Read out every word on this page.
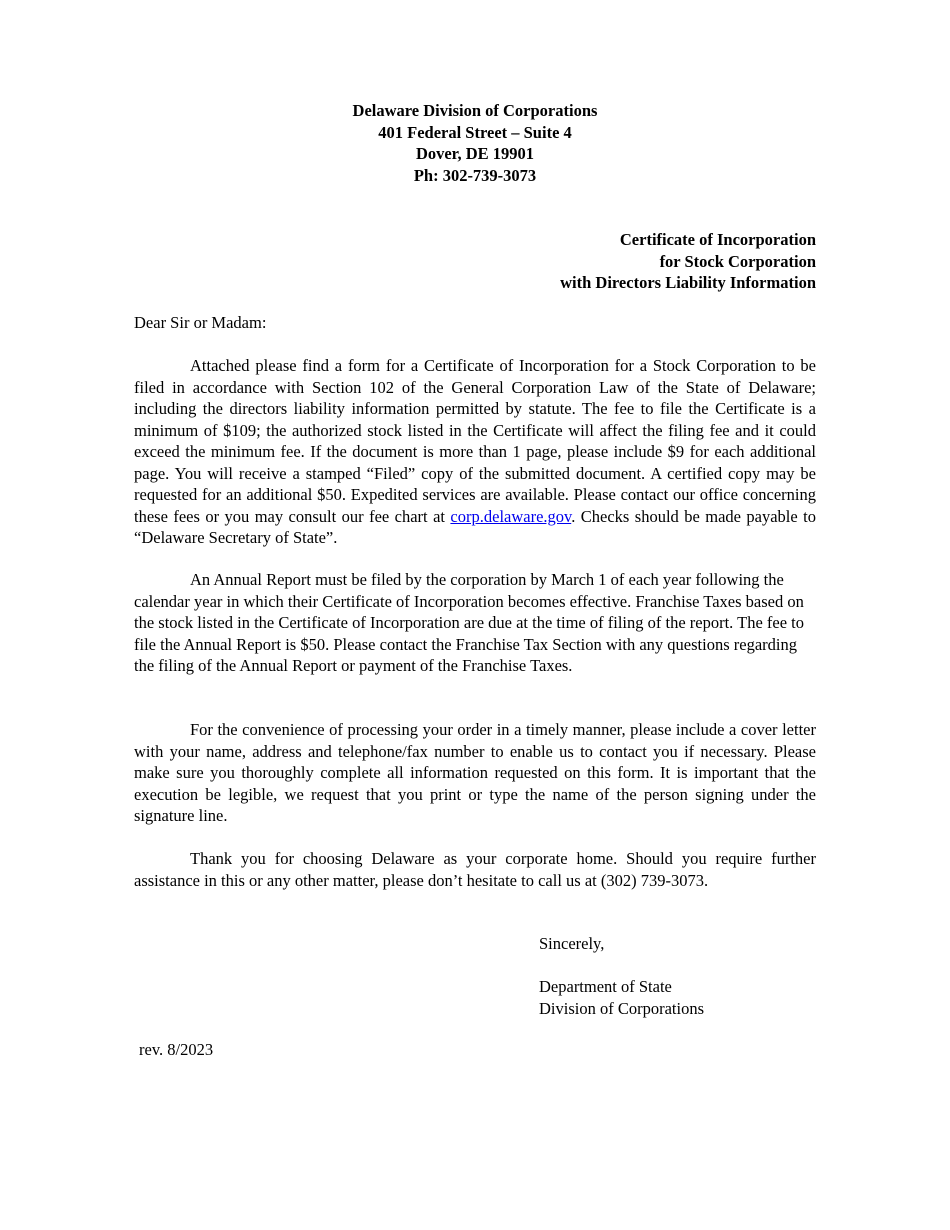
Delaware Division of Corporations
401 Federal Street – Suite 4
Dover, DE 19901
Ph: 302-739-3073
Certificate of Incorporation
for Stock Corporation
with Directors Liability Information
Dear Sir or Madam:
Attached please find a form for a Certificate of Incorporation for a Stock Corporation to be filed in accordance with Section 102 of the General Corporation Law of the State of Delaware; including the directors liability information permitted by statute. The fee to file the Certificate is a minimum of $109; the authorized stock listed in the Certificate will affect the filing fee and it could exceed the minimum fee. If the document is more than 1 page, please include $9 for each additional page. You will receive a stamped “Filed” copy of the submitted document. A certified copy may be requested for an additional $50. Expedited services are available. Please contact our office concerning these fees or you may consult our fee chart at corp.delaware.gov. Checks should be made payable to “Delaware Secretary of State”.
An Annual Report must be filed by the corporation by March 1 of each year following the calendar year in which their Certificate of Incorporation becomes effective. Franchise Taxes based on the stock listed in the Certificate of Incorporation are due at the time of filing of the report. The fee to file the Annual Report is $50. Please contact the Franchise Tax Section with any questions regarding the filing of the Annual Report or payment of the Franchise Taxes.
For the convenience of processing your order in a timely manner, please include a cover letter with your name, address and telephone/fax number to enable us to contact you if necessary. Please make sure you thoroughly complete all information requested on this form. It is important that the execution be legible, we request that you print or type the name of the person signing under the signature line.
Thank you for choosing Delaware as your corporate home. Should you require further assistance in this or any other matter, please don’t hesitate to call us at (302) 739-3073.
Sincerely,
Department of State
Division of Corporations
rev. 8/2023
